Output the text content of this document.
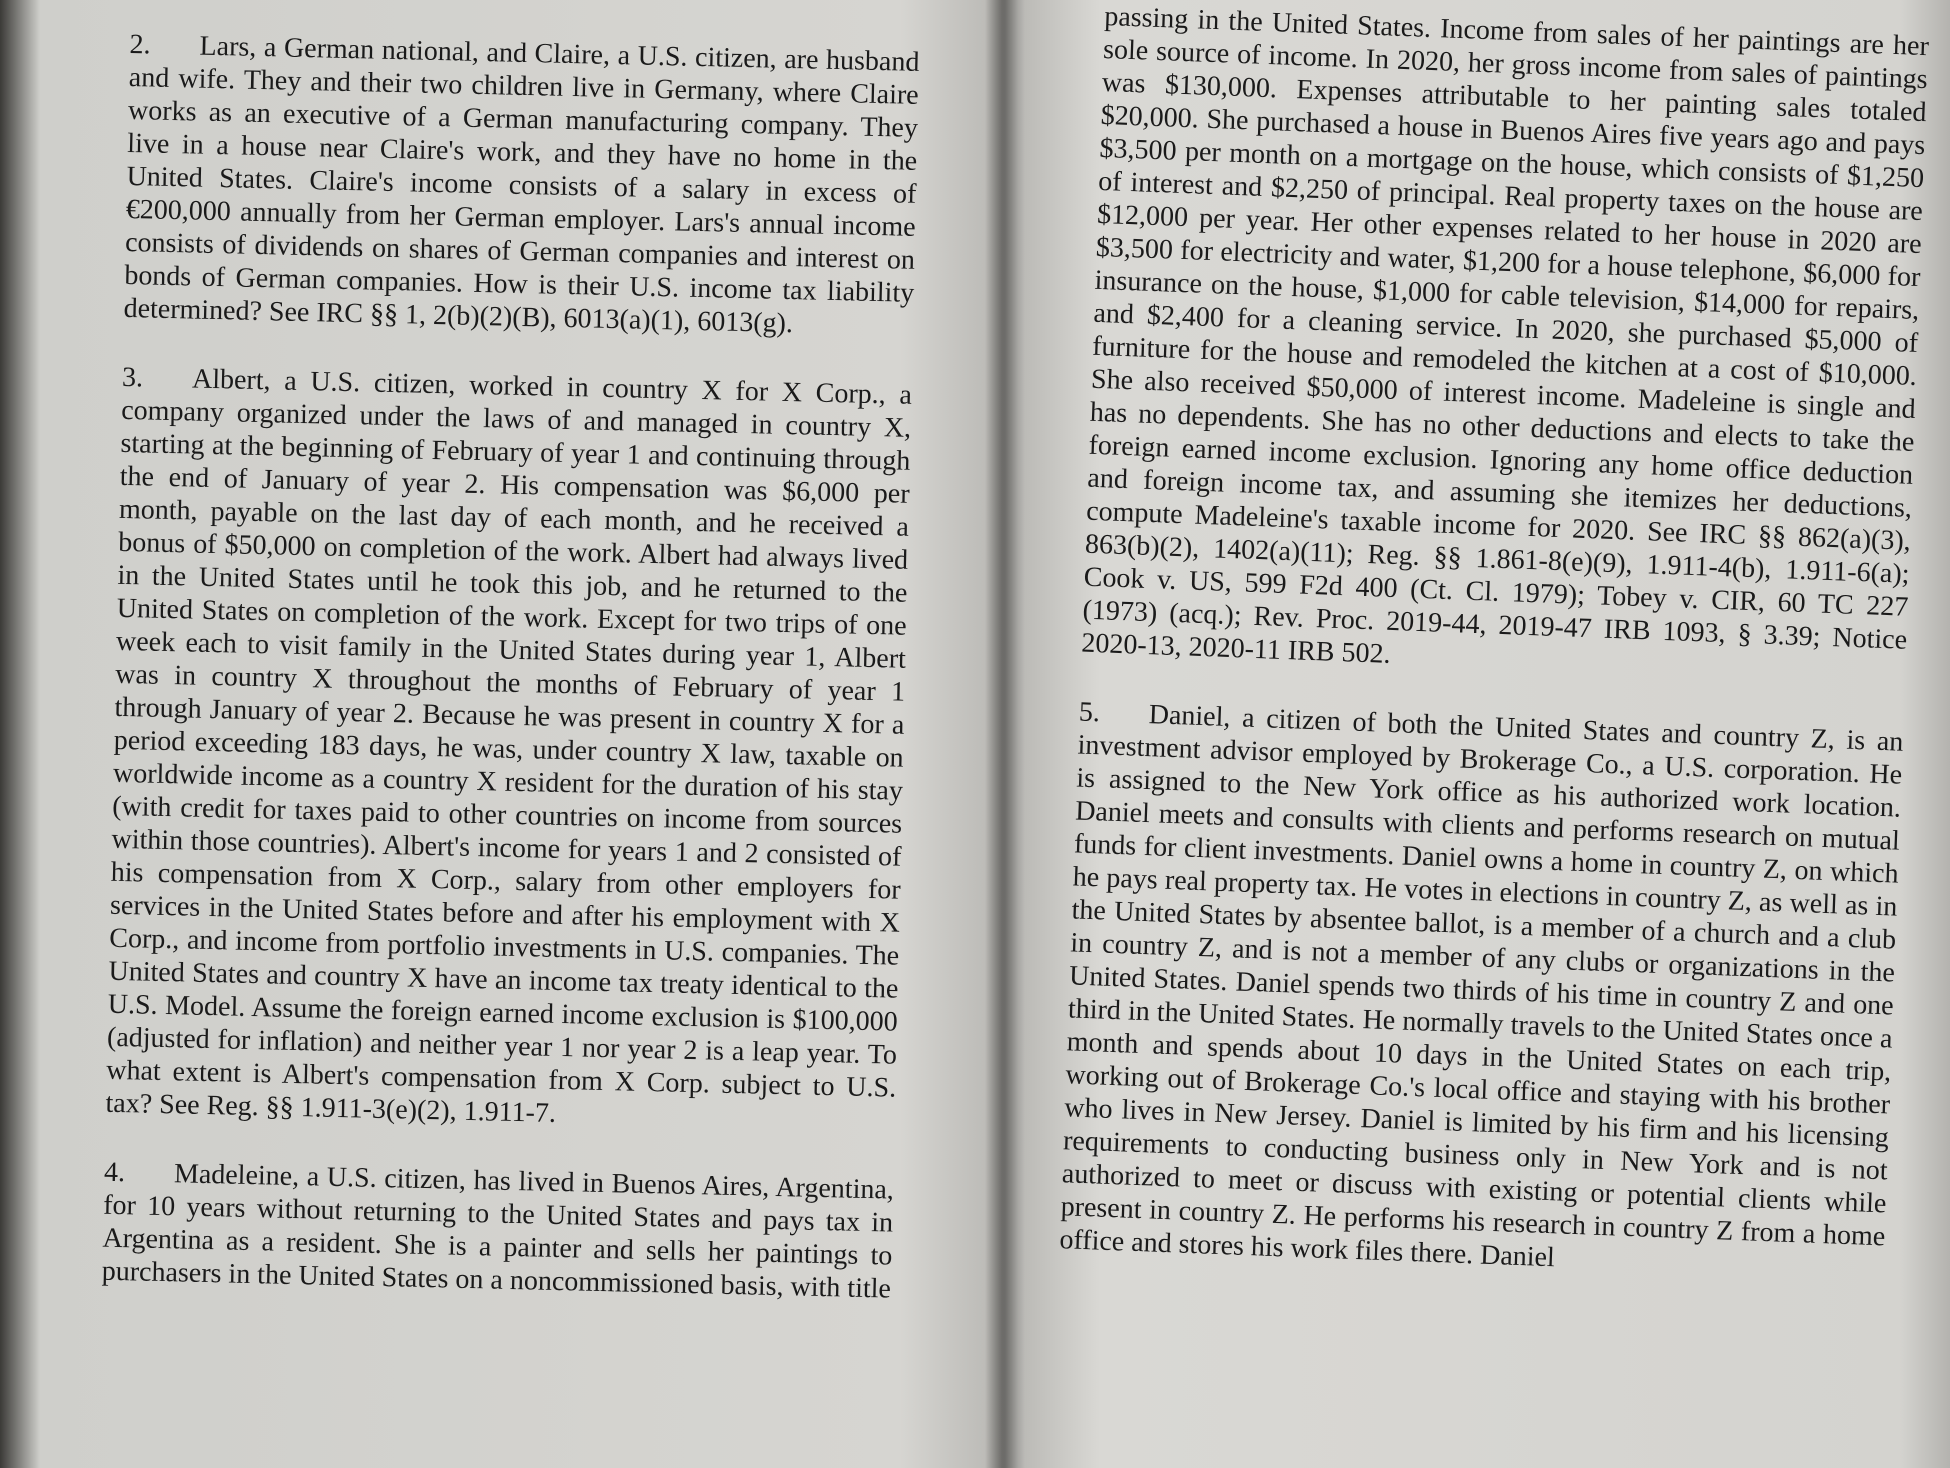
2. Lars, a German national, and Claire, a U.S. citizen, are husband and wife. They and their two children live in Germany, where Claire works as an executive of a German manufacturing company. They live in a house near Claire's work, and they have no home in the United States. Claire's income consists of a salary in excess of €200,000 annually from her German employer. Lars's annual income consists of dividends on shares of German companies and interest on bonds of German companies. How is their U.S. income tax liability determined? See IRC §§ 1, 2(b)(2)(B), 6013(a)(1), 6013(g).

3. Albert, a U.S. citizen, worked in country X for X Corp., a company organized under the laws of and managed in country X, starting at the beginning of February of year 1 and continuing through the end of January of year 2. His compensation was $6,000 per month, payable on the last day of each month, and he received a bonus of $50,000 on completion of the work. Albert had always lived in the United States until he took this job, and he returned to the United States on completion of the work. Except for two trips of one week each to visit family in the United States during year 1, Albert was in country X throughout the months of February of year 1 through January of year 2. Because he was present in country X for a period exceeding 183 days, he was, under country X law, taxable on worldwide income as a country X resident for the duration of his stay (with credit for taxes paid to other countries on income from sources within those countries). Albert's income for years 1 and 2 consisted of his compensation from X Corp., salary from other employers for services in the United States before and after his employment with X Corp., and income from portfolio investments in U.S. companies. The United States and country X have an income tax treaty identical to the U.S. Model. Assume the foreign earned income exclusion is $100,000 (adjusted for inflation) and neither year 1 nor year 2 is a leap year. To what extent is Albert's compensation from X Corp. subject to U.S. tax? See Reg. §§ 1.911-3(e)(2), 1.911-7.

4. Madeleine, a U.S. citizen, has lived in Buenos Aires, Argentina, for 10 years without returning to the United States and pays tax in Argentina as a resident. She is a painter and sells her paintings to purchasers in the United States on a noncommissioned basis, with title

passing in the United States. Income from sales of her paintings are her sole source of income. In 2020, her gross income from sales of paintings was $130,000. Expenses attributable to her painting sales totaled $20,000. She purchased a house in Buenos Aires five years ago and pays $3,500 per month on a mortgage on the house, which consists of $1,250 of interest and $2,250 of principal. Real property taxes on the house are $12,000 per year. Her other expenses related to her house in 2020 are $3,500 for electricity and water, $1,200 for a house telephone, $6,000 for insurance on the house, $1,000 for cable television, $14,000 for repairs, and $2,400 for a cleaning service. In 2020, she purchased $5,000 of furniture for the house and remodeled the kitchen at a cost of $10,000. She also received $50,000 of interest income. Madeleine is single and has no dependents. She has no other deductions and elects to take the foreign earned income exclusion. Ignoring any home office deduction and foreign income tax, and assuming she itemizes her deductions, compute Madeleine's taxable income for 2020. See IRC §§ 862(a)(3), 863(b)(2), 1402(a)(11); Reg. §§ 1.861-8(e)(9), 1.911-4(b), 1.911-6(a); Cook v. US, 599 F2d 400 (Ct. Cl. 1979); Tobey v. CIR, 60 TC 227 (1973) (acq.); Rev. Proc. 2019-44, 2019-47 IRB 1093, § 3.39; Notice 2020-13, 2020-11 IRB 502.

5. Daniel, a citizen of both the United States and country Z, is an investment advisor employed by Brokerage Co., a U.S. corporation. He is assigned to the New York office as his authorized work location. Daniel meets and consults with clients and performs research on mutual funds for client investments. Daniel owns a home in country Z, on which he pays real property tax. He votes in elections in country Z, as well as in the United States by absentee ballot, is a member of a church and a club in country Z, and is not a member of any clubs or organizations in the United States. Daniel spends two thirds of his time in country Z and one third in the United States. He normally travels to the United States once a month and spends about 10 days in the United States on each trip, working out of Brokerage Co.'s local office and staying with his brother who lives in New Jersey. Daniel is limited by his firm and his licensing requirements to conducting business only in New York and is not authorized to meet or discuss with existing or potential clients while present in country Z. He performs his research in country Z from a home office and stores his work files there. Daniel
